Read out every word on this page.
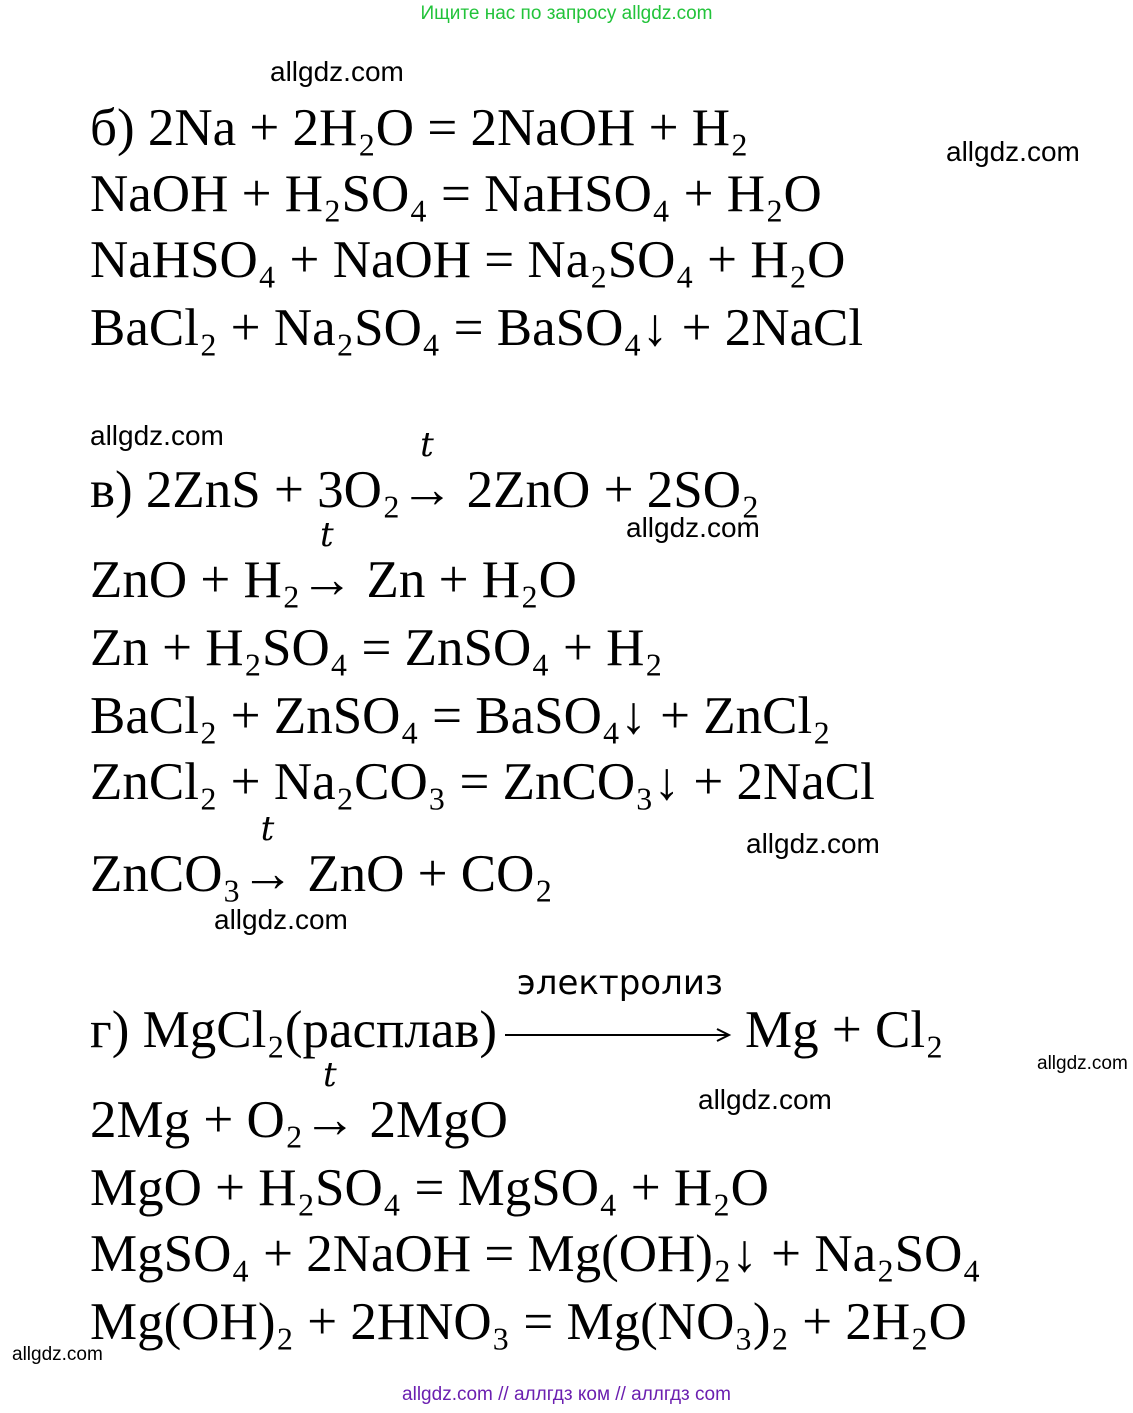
Ищите нас по запросу allgdz.com
allgdz.com
allgdz.com
allgdz.com
allgdz.com
allgdz.com
allgdz.com
allgdz.com
allgdz.com
allgdz.com
б) 2Na + 2H₂O = 2NaOH + H₂
NaOH + H₂SO₄ = NaHSO₄ + H₂O
NaHSO₄ + NaOH = Na₂SO₄ + H₂O
BaCl₂ + Na₂SO₄ = BaSO₄↓ + 2NaCl
в) 2ZnS + 3O₂
t
→ 2ZnO + 2SO₂
ZnO + H₂
t
→ Zn + H₂O
Zn + H₂SO₄ = ZnSO₄ + H₂
BaCl₂ + ZnSO₄ = BaSO₄↓ + ZnCl₂
ZnCl₂ + Na₂CO₃ = ZnCO₃↓ + 2NaCl
ZnCO₃
t
→ ZnO + CO₂
г) MgCl₂(расплав)
электролиз
Mg + Cl₂
2Mg + O₂
t
→ 2MgO
MgO + H₂SO₄ = MgSO₄ + H₂O
MgSO₄ + 2NaOH = Mg(OH)₂↓ + Na₂SO₄
Mg(OH)₂ + 2HNO₃ = Mg(NO₃)₂ + 2H₂O
allgdz.com // аллгдз ком // аллгдз com
